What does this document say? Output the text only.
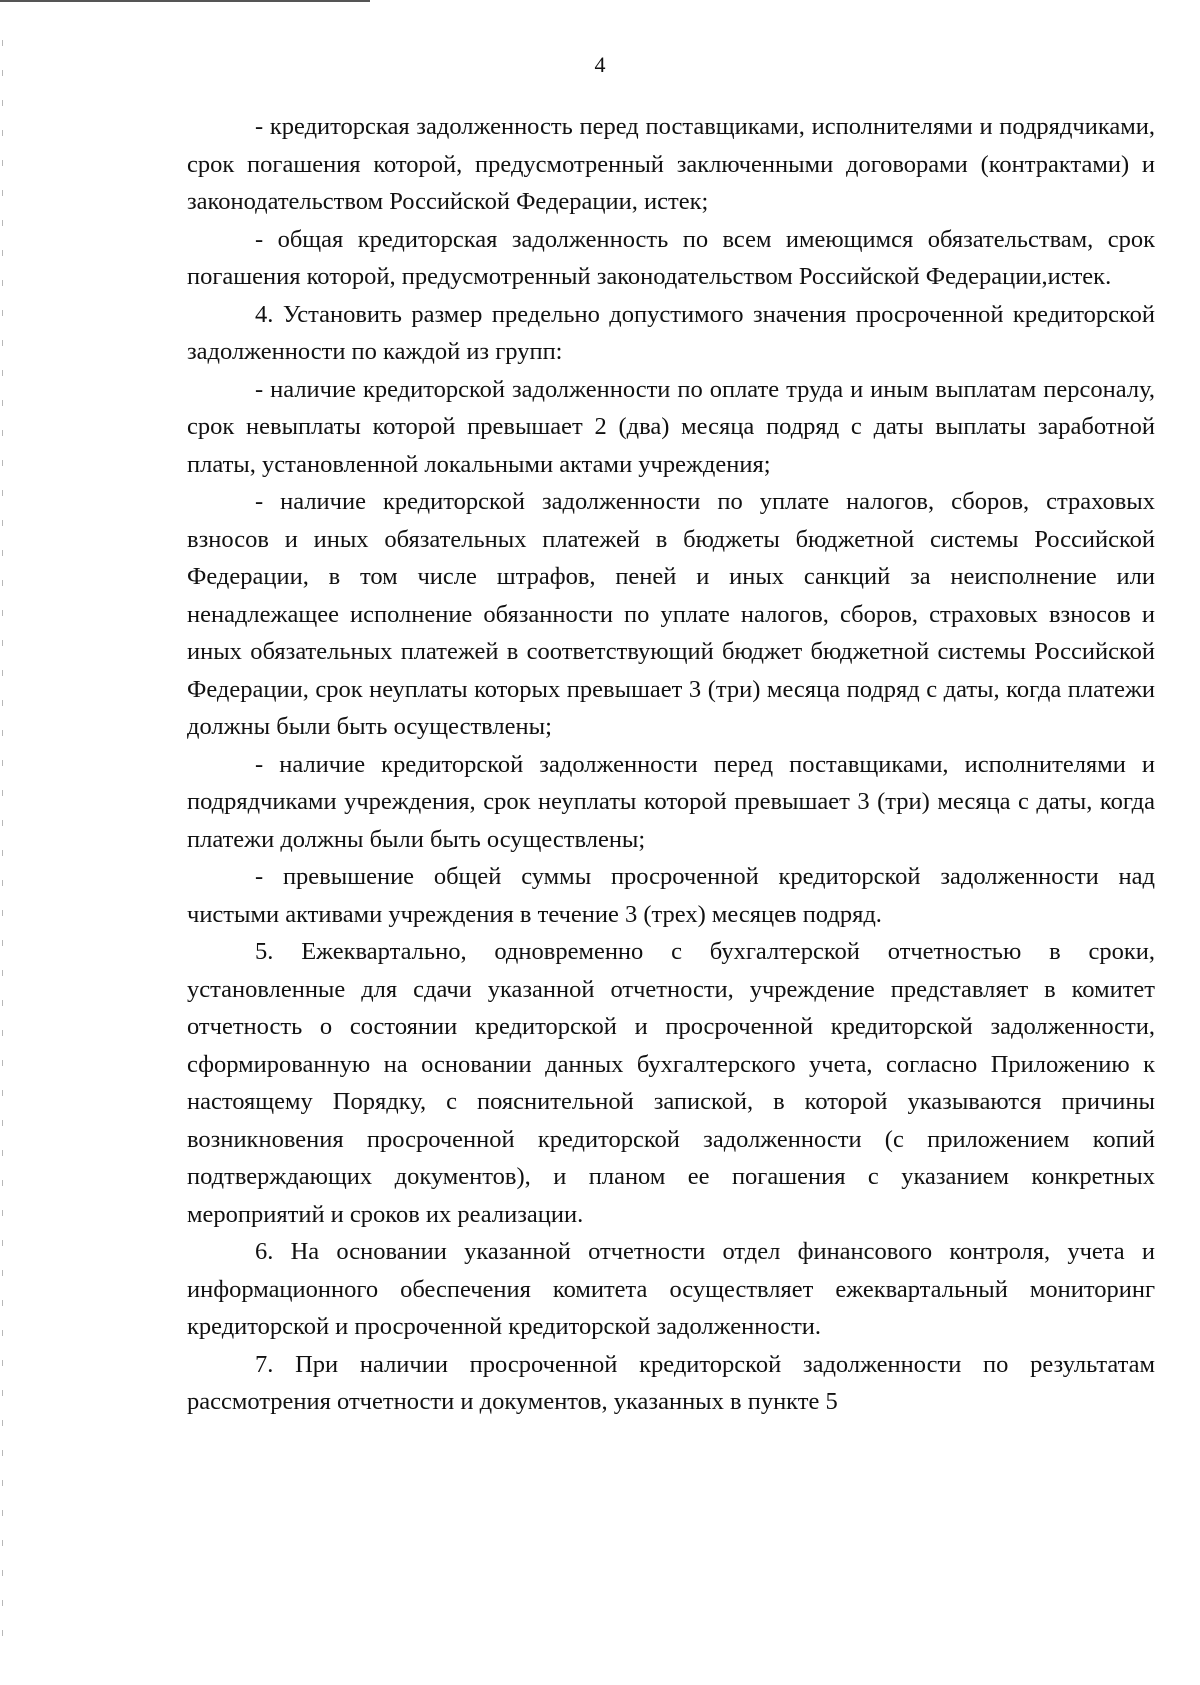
4

- кредиторская задолженность перед поставщиками, исполнителями и подрядчиками, срок погашения которой, предусмотренный заключенными договорами (контрактами) и законодательством Российской Федерации, истек;

- общая кредиторская задолженность по всем имеющимся обязательствам, срок погашения которой, предусмотренный законодательством Российской Федерации,истек.

4. Установить размер предельно допустимого значения просроченной кредиторской задолженности по каждой из групп:

- наличие кредиторской задолженности по оплате труда и иным выплатам персоналу, срок невыплаты которой превышает 2 (два) месяца подряд с даты выплаты заработной платы, установленной локальными актами учреждения;

- наличие кредиторской задолженности по уплате налогов, сборов, страховых взносов и иных обязательных платежей в бюджеты бюджетной системы Российской Федерации, в том числе штрафов, пеней и иных санкций за неисполнение или ненадлежащее исполнение обязанности по уплате налогов, сборов, страховых взносов и иных обязательных платежей в соответствующий бюджет бюджетной системы Российской Федерации, срок неуплаты которых превышает 3 (три) месяца подряд с даты, когда платежи должны были быть осуществлены;

- наличие кредиторской задолженности перед поставщиками, исполнителями и подрядчиками учреждения, срок неуплаты которой превышает 3 (три) месяца с даты, когда платежи должны были быть осуществлены;

- превышение общей суммы просроченной кредиторской задолженности над чистыми активами учреждения в течение 3 (трех) месяцев подряд.

5. Ежеквартально, одновременно с бухгалтерской отчетностью в сроки, установленные для сдачи указанной отчетности, учреждение представляет в комитет отчетность о состоянии кредиторской и просроченной кредиторской задолженности, сформированную на основании данных бухгалтерского учета, согласно Приложению к настоящему Порядку, с пояснительной запиской, в которой указываются причины возникновения просроченной кредиторской задолженности (с приложением копий подтверждающих документов), и планом ее погашения с указанием конкретных мероприятий и сроков их реализации.

6. На основании указанной отчетности отдел финансового контроля, учета и информационного обеспечения комитета осуществляет ежеквартальный мониторинг кредиторской и просроченной кредиторской задолженности.

7. При наличии просроченной кредиторской задолженности по результатам рассмотрения отчетности и документов, указанных в пункте 5
